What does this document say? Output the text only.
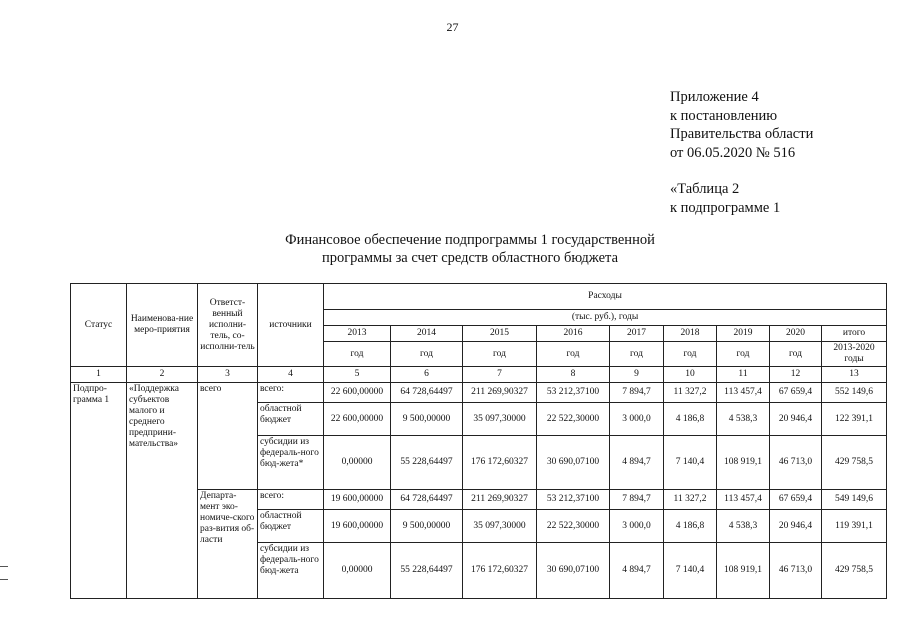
27
Приложение 4
к постановлению
Правительства области
от 06.05.2020 № 516
«Таблица 2
к подпрограмме 1
Финансовое обеспечение подпрограммы 1 государственной
программы за счет средств областного бюджета
Статус	Наименова-ние меро-приятия	Ответст-венный исполни-тель, со-исполни-тель	источники	Расходы								
				(тыс. руб.), годы								
				2013	2014	2015	2016	2017	2018	2019	2020	итого
				год	год	год	год	год	год	год	год	2013-2020 годы
1	2	3	4	5	6	7	8	9	10	11	12	13
Подпро-грамма 1	«Поддержка субъектов малого и среднего предприни-мательства»	всего	всего:	22 600,00000	64 728,64497	211 269,90327	53 212,37100	7 894,7	11 327,2	113 457,4	67 659,4	552 149,6
			областной бюджет	22 600,00000	9 500,00000	35 097,30000	22 522,30000	3 000,0	4 186,8	4 538,3	20 946,4	122 391,1
			субсидии из федераль-ного бюд-жета*	0,00000	55 228,64497	176 172,60327	30 690,07100	4 894,7	7 140,4	108 919,1	46 713,0	429 758,5
		Департа-мент эко-номиче-ского раз-вития об-ласти	всего:	19 600,00000	64 728,64497	211 269,90327	53 212,37100	7 894,7	11 327,2	113 457,4	67 659,4	549 149,6
			областной бюджет	19 600,00000	9 500,00000	35 097,30000	22 522,30000	3 000,0	4 186,8	4 538,3	20 946,4	119 391,1
			субсидии из федераль-ного бюд-жета	0,00000	55 228,64497	176 172,60327	30 690,07100	4 894,7	7 140,4	108 919,1	46 713,0	429 758,5
